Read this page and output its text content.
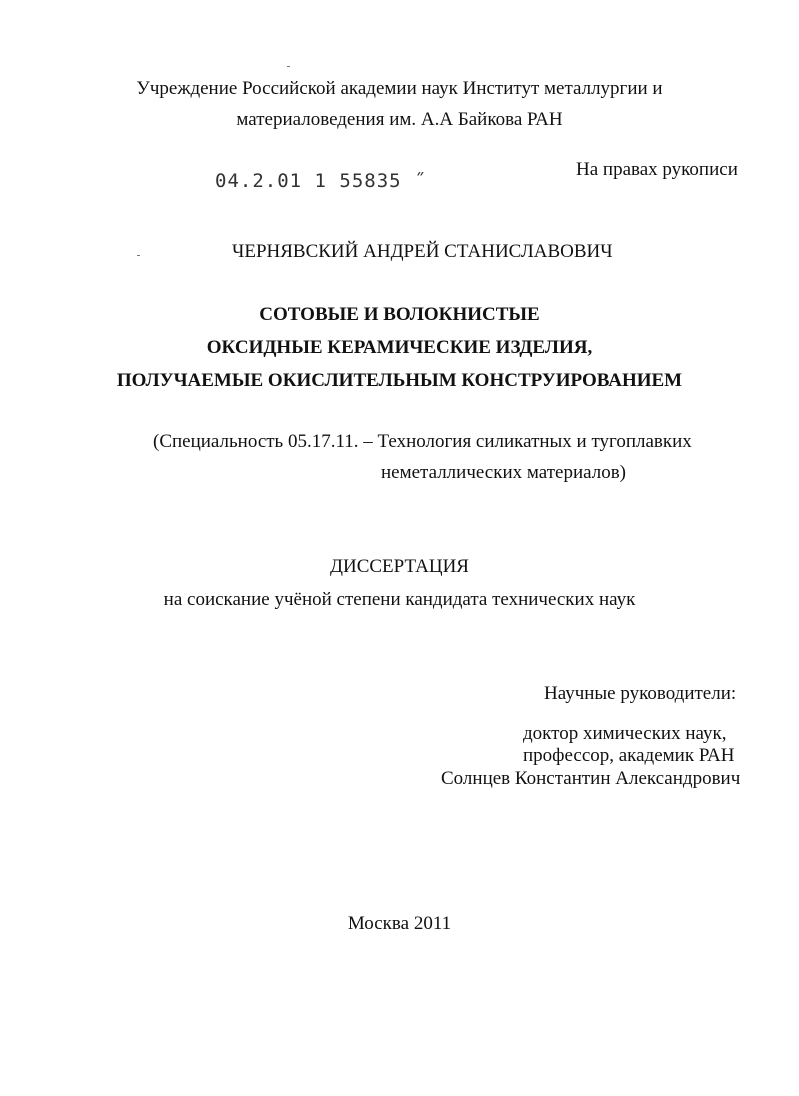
Учреждение Российской академии наук Институт металлургии и
материаловедения им. А.А Байкова РАН
04.2.01 1 55835 ˝
На правах рукописи
ЧЕРНЯВСКИЙ АНДРЕЙ СТАНИСЛАВОВИЧ
СОТОВЫЕ И ВОЛОКНИСТЫЕ
ОКСИДНЫЕ КЕРАМИЧЕСКИЕ ИЗДЕЛИЯ,
ПОЛУЧАЕМЫЕ ОКИСЛИТЕЛЬНЫМ КОНСТРУИРОВАНИЕМ
(Специальность 05.17.11. – Технология силикатных и тугоплавких
неметаллических материалов)
ДИССЕРТАЦИЯ
на соискание учёной степени кандидата технических наук
Научные руководители:
доктор химических наук,
профессор, академик РАН
Солнцев Константин Александрович
Москва 2011
